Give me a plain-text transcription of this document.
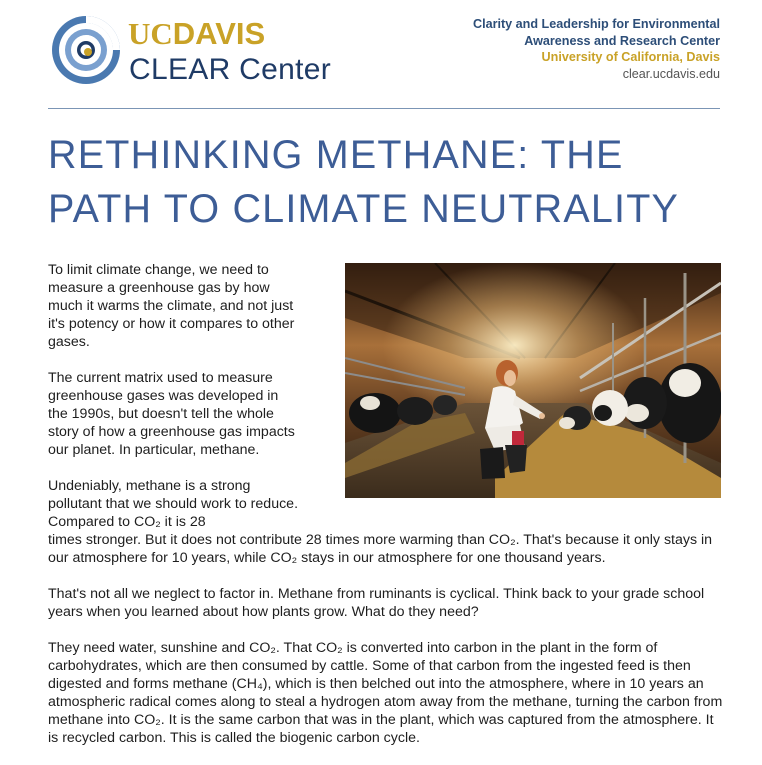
UCDAVIS
CLEAR Center
Clarity and Leadership for Environmental
Awareness and Research Center
University of California, Davis
clear.ucdavis.edu
RETHINKING METHANE: THE
PATH TO CLIMATE NEUTRALITY

To limit climate change, we need to measure a greenhouse gas by how much it warms the climate, and not just it's potency or how it compares to other gases.

The current matrix used to measure greenhouse gases was developed in the 1990s, but doesn't tell the whole story of how a greenhouse gas impacts our planet. In particular, methane.

Undeniably, methane is a strong pollutant that we should work to reduce. Compared to CO₂ it is 28
times stronger. But it does not contribute 28 times more warming than CO₂. That's because it only stays in our atmosphere for 10 years, while CO₂ stays in our atmosphere for one thousand years.

That's not all we neglect to factor in. Methane from ruminants is cyclical. Think back to your grade school years when you learned about how plants grow. What do they need?

They need water, sunshine and CO₂. That CO₂ is converted into carbon in the plant in the form of carbohydrates, which are then consumed by cattle. Some of that carbon from the ingested feed is then digested and forms methane (CH₄), which is then belched out into the atmosphere, where in 10 years an atmospheric radical comes along to steal a hydrogen atom away from the methane, turning the carbon from methane into CO₂. It is the same carbon that was in the plant, which was captured from the atmosphere. It is recycled carbon. This is called the biogenic carbon cycle.
